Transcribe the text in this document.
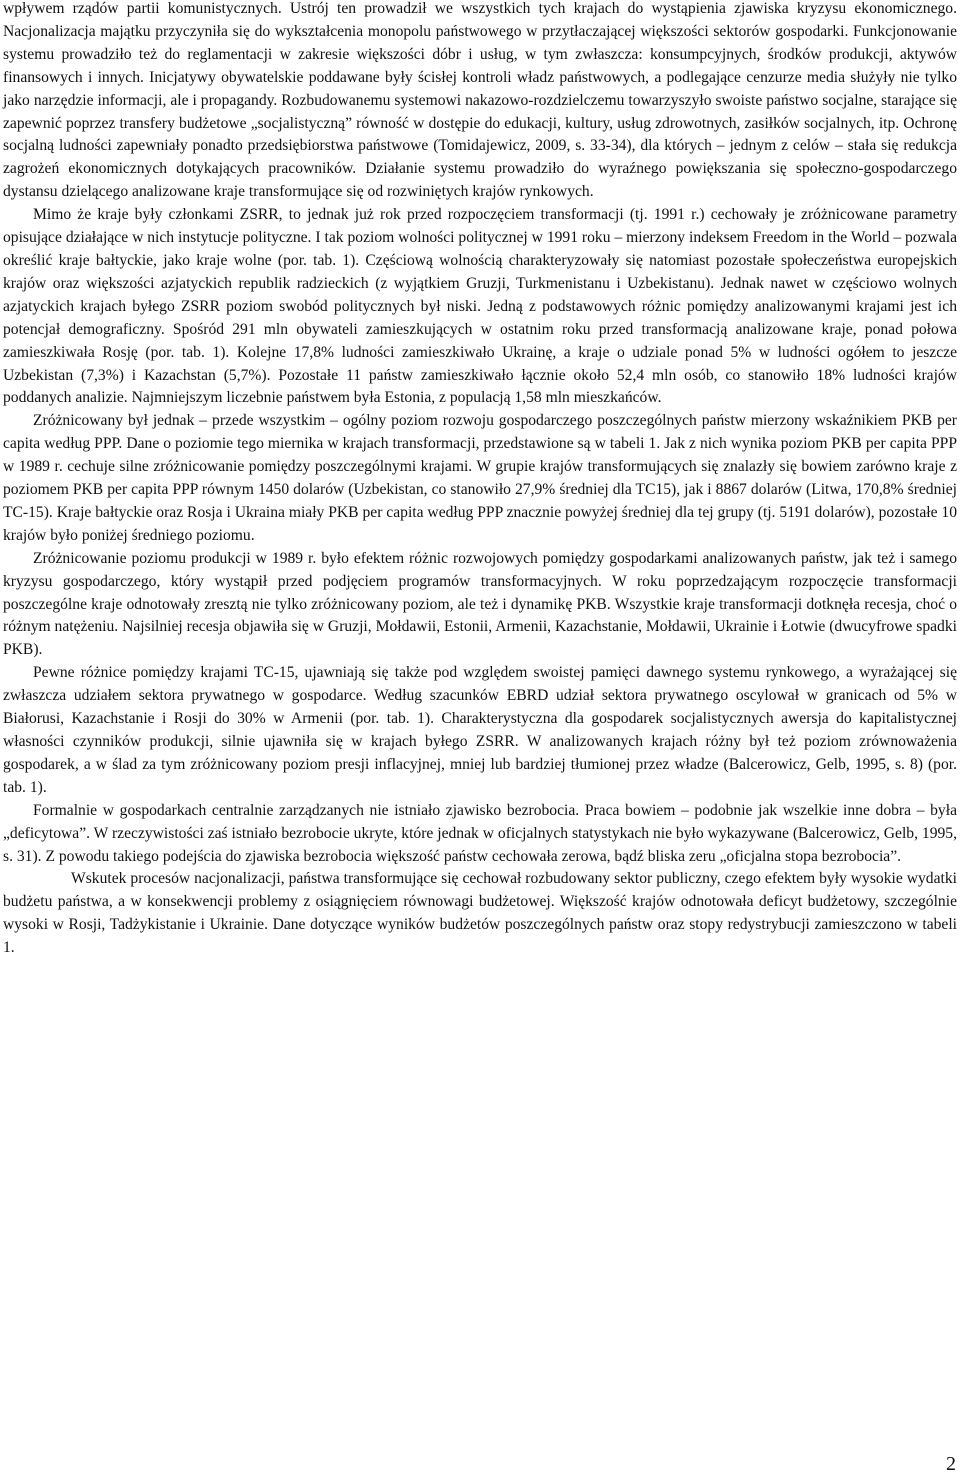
wpływem rządów partii komunistycznych. Ustrój ten prowadził we wszystkich tych krajach do wystąpienia zjawiska kryzysu ekonomicznego. Nacjonalizacja majątku przyczyniła się do wykształcenia monopolu państwowego w przytłaczającej większości sektorów gospodarki. Funkcjonowanie systemu prowadziło też do reglamentacji w zakresie większości dóbr i usług, w tym zwłaszcza: konsumpcyjnych, środków produkcji, aktywów finansowych i innych. Inicjatywy obywatelskie poddawane były ścisłej kontroli władz państwowych, a podlegające cenzurze media służyły nie tylko jako narzędzie informacji, ale i propagandy. Rozbudowanemu systemowi nakazowo-rozdzielczemu towarzyszyło swoiste państwo socjalne, starające się zapewnić poprzez transfery budżetowe „socjalistyczną” równość w dostępie do edukacji, kultury, usług zdrowotnych, zasiłków socjalnych, itp. Ochronę socjalną ludności zapewniały ponadto przedsiębiorstwa państwowe (Tomidajewicz, 2009, s. 33-34), dla których – jednym z celów – stała się redukcja zagrożeń ekonomicznych dotykających pracowników. Działanie systemu prowadziło do wyraźnego powiększania się społeczno-gospodarczego dystansu dzielącego analizowane kraje transformujące się od rozwiniętych krajów rynkowych.

Mimo że kraje były członkami ZSRR, to jednak już rok przed rozpoczęciem transformacji (tj. 1991 r.) cechowały je zróżnicowane parametry opisujące działające w nich instytucje polityczne. I tak poziom wolności politycznej w 1991 roku – mierzony indeksem Freedom in the World – pozwala określić kraje bałtyckie, jako kraje wolne (por. tab. 1). Częściową wolnością charakteryzowały się natomiast pozostałe społeczeństwa europejskich krajów oraz większości azjatyckich republik radzieckich (z wyjątkiem Gruzji, Turkmenistanu i Uzbekistanu). Jednak nawet w częściowo wolnych azjatyckich krajach byłego ZSRR poziom swobód politycznych był niski. Jedną z podstawowych różnic pomiędzy analizowanymi krajami jest ich potencjał demograficzny. Spośród 291 mln obywateli zamieszkujących w ostatnim roku przed transformacją analizowane kraje, ponad połowa zamieszkiwała Rosję (por. tab. 1). Kolejne 17,8% ludności zamieszkiwało Ukrainę, a kraje o udziale ponad 5% w ludności ogółem to jeszcze Uzbekistan (7,3%) i Kazachstan (5,7%). Pozostałe 11 państw zamieszkiwało łącznie około 52,4 mln osób, co stanowiło 18% ludności krajów poddanych analizie. Najmniejszym liczebnie państwem była Estonia, z populacją 1,58 mln mieszkańców.

Zróżnicowany był jednak – przede wszystkim – ogólny poziom rozwoju gospodarczego poszczególnych państw mierzony wskaźnikiem PKB per capita według PPP. Dane o poziomie tego miernika w krajach transformacji, przedstawione są w tabeli 1. Jak z nich wynika poziom PKB per capita PPP w 1989 r. cechuje silne zróżnicowanie pomiędzy poszczególnymi krajami. W grupie krajów transformujących się znalazły się bowiem zarówno kraje z poziomem PKB per capita PPP równym 1450 dolarów (Uzbekistan, co stanowiło 27,9% średniej dla TC15), jak i 8867 dolarów (Litwa, 170,8% średniej TC-15). Kraje bałtyckie oraz Rosja i Ukraina miały PKB per capita według PPP znacznie powyżej średniej dla tej grupy (tj. 5191 dolarów), pozostałe 10 krajów było poniżej średniego poziomu.

Zróżnicowanie poziomu produkcji w 1989 r. było efektem różnic rozwojowych pomiędzy gospodarkami analizowanych państw, jak też i samego kryzysu gospodarczego, który wystąpił przed podjęciem programów transformacyjnych. W roku poprzedzającym rozpoczęcie transformacji poszczególne kraje odnotowały zresztą nie tylko zróżnicowany poziom, ale też i dynamikę PKB. Wszystkie kraje transformacji dotknęła recesja, choć o różnym natężeniu. Najsilniej recesja objawiła się w Gruzji, Mołdawii, Estonii, Armenii, Kazachstanie, Mołdawii, Ukrainie i Łotwie (dwucyfrowe spadki PKB).

Pewne różnice pomiędzy krajami TC-15, ujawniają się także pod względem swoistej pamięci dawnego systemu rynkowego, a wyrażającej się zwłaszcza udziałem sektora prywatnego w gospodarce. Według szacunków EBRD udział sektora prywatnego oscylował w granicach od 5% w Białorusi, Kazachstanie i Rosji do 30% w Armenii (por. tab. 1). Charakterystyczna dla gospodarek socjalistycznych awersja do kapitalistycznej własności czynników produkcji, silnie ujawniła się w krajach byłego ZSRR. W analizowanych krajach różny był też poziom zrównoważenia gospodarek, a w ślad za tym zróżnicowany poziom presji inflacyjnej, mniej lub bardziej tłumionej przez władze (Balcerowicz, Gelb, 1995, s. 8) (por. tab. 1).

Formalnie w gospodarkach centralnie zarządzanych nie istniało zjawisko bezrobocia. Praca bowiem – podobnie jak wszelkie inne dobra – była „deficytowa”. W rzeczywistości zaś istniało bezrobocie ukryte, które jednak w oficjalnych statystykach nie było wykazywane (Balcerowicz, Gelb, 1995, s. 31). Z powodu takiego podejścia do zjawiska bezrobocia większość państw cechowała zerowa, bądź bliska zeru „oficjalna stopa bezrobocia”.

Wskutek procesów nacjonalizacji, państwa transformujące się cechował rozbudowany sektor publiczny, czego efektem były wysokie wydatki budżetu państwa, a w konsekwencji problemy z osiągnięciem równowagi budżetowej. Większość krajów odnotowała deficyt budżetowy, szczególnie wysoki w Rosji, Tadżykistanie i Ukrainie. Dane dotyczące wyników budżetów poszczególnych państw oraz stopy redystrybucji zamieszczono w tabeli 1.

2
